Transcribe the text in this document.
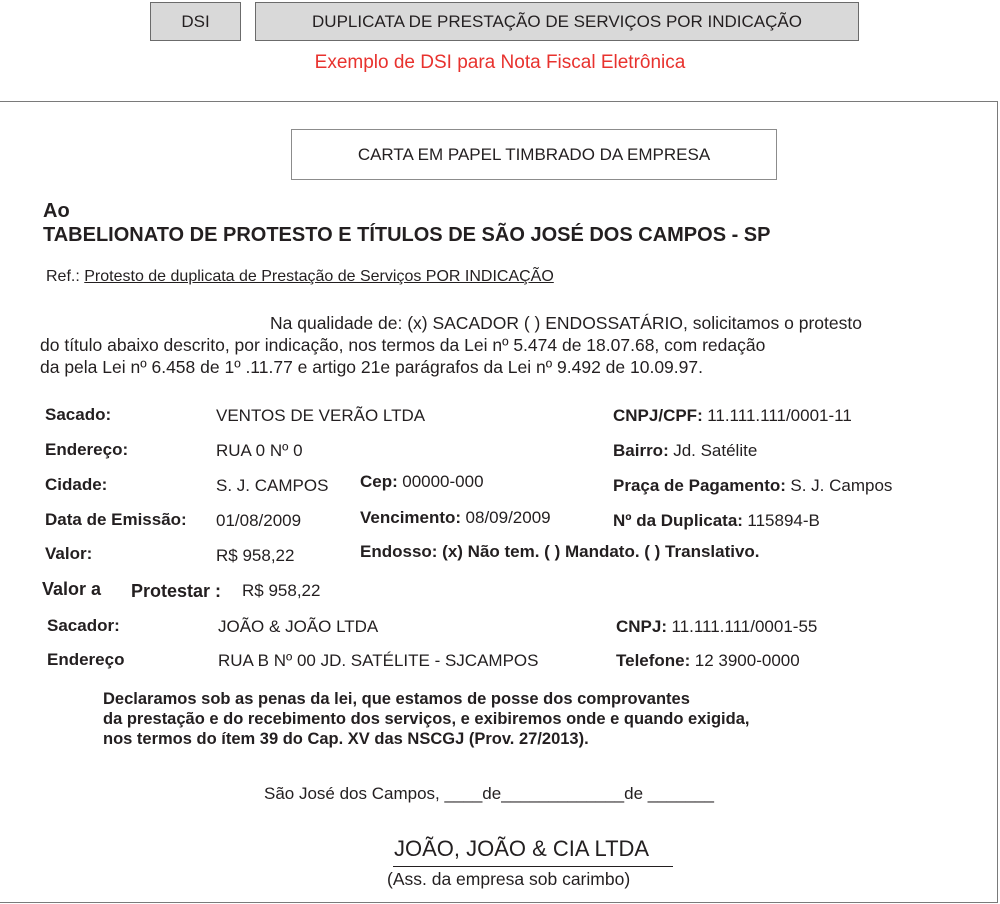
DSI	DUPLICATA DE PRESTAÇÃO DE SERVIÇOS POR INDICAÇÃO
Exemplo de DSI para Nota Fiscal Eletrônica
CARTA EM PAPEL TIMBRADO DA EMPRESA
Ao
TABELIONATO DE PROTESTO E TÍTULOS DE SÃO JOSÉ DOS CAMPOS - SP
Ref.: Protesto de duplicata de Prestação de Serviços POR INDICAÇÃO

Na qualidade de: (x) SACADOR ( ) ENDOSSATÁRIO, solicitamos o protesto

do título abaixo descrito, por indicação, nos termos da Lei nº 5.474 de 18.07.68, com redação

da pela Lei nº 6.458 de 1º .11.77 e artigo 21e parágrafos da Lei nº 9.492 de 10.09.97.

Sacado:	VENTOS DE VERÃO LTDA	CNPJ/CPF: 11.111.111/0001-11
Endereço:	RUA 0 Nº 0	Bairro: Jd. Satélite
Cidade:	S. J. CAMPOS Cep: 00000-000	Praça de Pagamento: S. J. Campos
Data de Emissão: 01/08/2009	Vencimento: 08/09/2009	Nº da Duplicata: 115894-B
Valor:	R$ 958,22	Endosso: (x) Não tem. ( ) Mandato. ( ) Translativo.
Valor a Protestar : R$ 958,22
Sacador:	JOÃO & JOÃO LTDA	CNPJ: 11.111.111/0001-55
Endereço	RUA B Nº 00 JD. SATÉLITE - SJCAMPOS	Telefone: 12 3900-0000

Declaramos sob as penas da lei, que estamos de posse dos comprovantes

da prestação e do recebimento dos serviços, e exibiremos onde e quando exigida,

nos termos do ítem 39 do Cap. XV das NSCGJ (Prov. 27/2013).

São José dos Campos, ____de_____________de _______
JOÃO, JOÃO & CIA LTDA
(Ass. da empresa sob carimbo)
